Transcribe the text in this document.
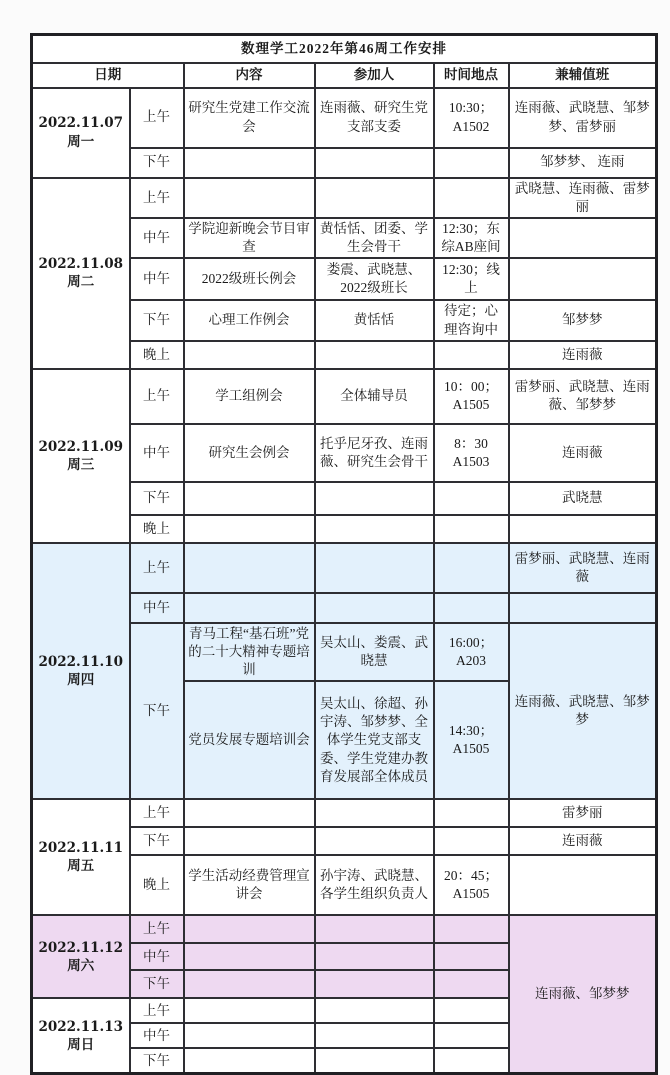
数理学工2022年第46周工作安排					
日期		内容	参加人	时间地点	兼辅值班

2022.11.07
周一	上午	研究生党建工作交流会	连雨薇、研究生党支部支委	10:30；A1502	连雨薇、武晓慧、邹梦梦、雷梦丽
	下午				邹梦梦、 连雨

2022.11.08
周二	上午				武晓慧、连雨薇、雷梦丽
	中午	学院迎新晚会节目审查	黄恬恬、团委、学生会骨干	12:30；东综AB座间	
	中午	2022级班长例会	娄震、武晓慧、2022级班长	12:30；线上	
	下午	心理工作例会	黄恬恬	待定；心理咨询中	邹梦梦
	晚上				连雨薇

2022.11.09
周三	上午	学工组例会	全体辅导员	10：00；A1505	雷梦丽、武晓慧、连雨薇、邹梦梦
	中午	研究生会例会	托乎尼牙孜、连雨薇、研究生会骨干	8：30 A1503	连雨薇
	下午				武晓慧
	晚上				

2022.11.10
周四	上午				雷梦丽、武晓慧、连雨薇
	中午				
	下午	青马工程“基石班”党的二十大精神专题培训	吴太山、娄震、武晓慧	16:00；A203	连雨薇、武晓慧、邹梦梦
		党员发展专题培训会	吴太山、徐超、孙宇涛、邹梦梦、全体学生党支部支委、学生党建办教育发展部全体成员	14:30；A1505	

2022.11.11
周五	上午				雷梦丽
	下午				连雨薇
	晚上	学生活动经费管理宣讲会	孙宇涛、武晓慧、各学生组织负责人	20：45；A1505	

2022.11.12
周六	上午				连雨薇、邹梦梦
	中午				
	下午				

2022.11.13
周日	上午				
	中午				
	下午				
